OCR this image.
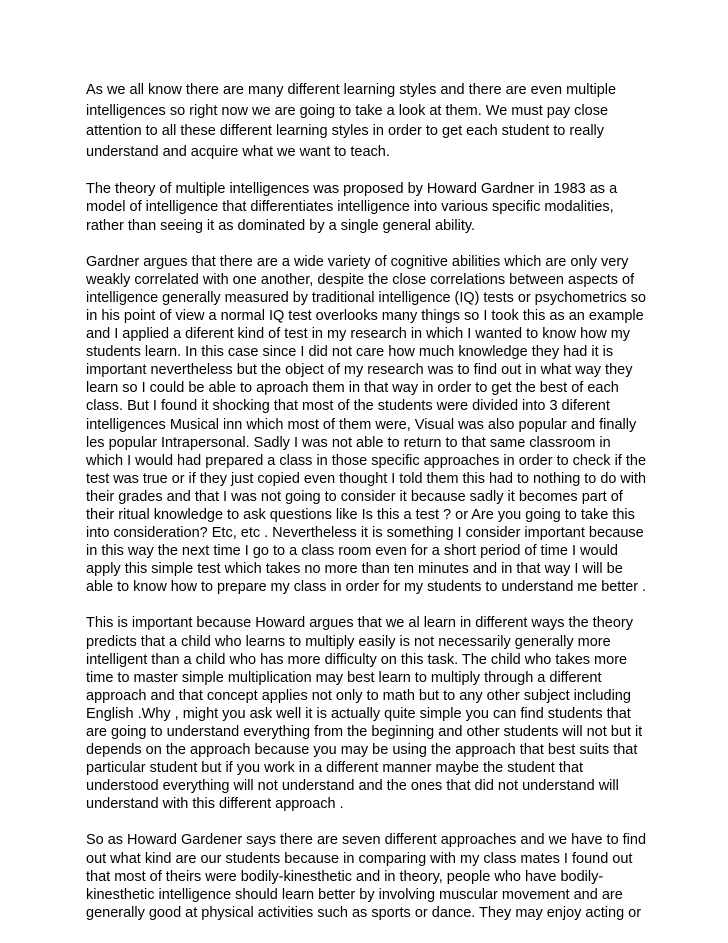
As we all know there are many different learning styles and there are even multiple
intelligences so right now we are going to take a look at them. We must pay close
attention to all these different learning styles in order to get each student to really
understand and acquire what we want to teach.

The theory of multiple intelligences was proposed by Howard Gardner in 1983 as a
model of intelligence that differentiates intelligence into various specific modalities,
rather than seeing it as dominated by a single general ability.

Gardner argues that there are a wide variety of cognitive abilities which are only very
weakly correlated with one another, despite the close correlations between aspects of
intelligence generally measured by traditional intelligence (IQ) tests or psychometrics so
in his point of view a normal IQ test overlooks many things so I took this as an example
and I applied a diferent kind of test in my research in which I wanted to know how my
students learn. In this case since I did not care how much knowledge they had it is
important nevertheless but the object of my research was to find out in what way they
learn so I could be able to aproach them in that way in order to get the best of each
class. But I found it shocking that most of the students were divided into 3 diferent
intelligences Musical inn which most of them were, Visual was also popular and finally
les popular Intrapersonal. Sadly I was not able to return to that same classroom in
which I would had prepared a class in those specific approaches in order to check if the
test was true or if they just copied even thought I told them this had to nothing to do with
their grades and that I was not going to consider it because sadly it becomes part of
their ritual knowledge to ask questions like Is this a test ? or Are you going to take this
into consideration? Etc, etc . Nevertheless it is something I consider important because
in this way the next time I go to a class room even for a short period of time I would
apply this simple test which takes no more than ten minutes and in that way I will be
able to know how to prepare my class in order for my students to understand me better .

This is important because Howard argues that we al learn in different ways the theory
predicts that a child who learns to multiply easily is not necessarily generally more
intelligent than a child who has more difficulty on this task. The child who takes more
time to master simple multiplication may best learn to multiply through a different
approach and that concept applies not only to math but to any other subject including
English .Why , might you ask well it is actually quite simple you can find students that
are going to understand everything from the beginning and other students will not but it
depends on the approach because you may be using the approach that best suits that
particular student but if you work in a different manner maybe the student that
understood everything will not understand and the ones that did not understand will
understand with this different approach .

So as Howard Gardener says there are seven different approaches and we have to find
out what kind are our students because in comparing with my class mates I found out
that most of theirs were bodily-kinesthetic and in theory, people who have bodily-
kinesthetic intelligence should learn better by involving muscular movement and are
generally good at physical activities such as sports or dance. They may enjoy acting or
